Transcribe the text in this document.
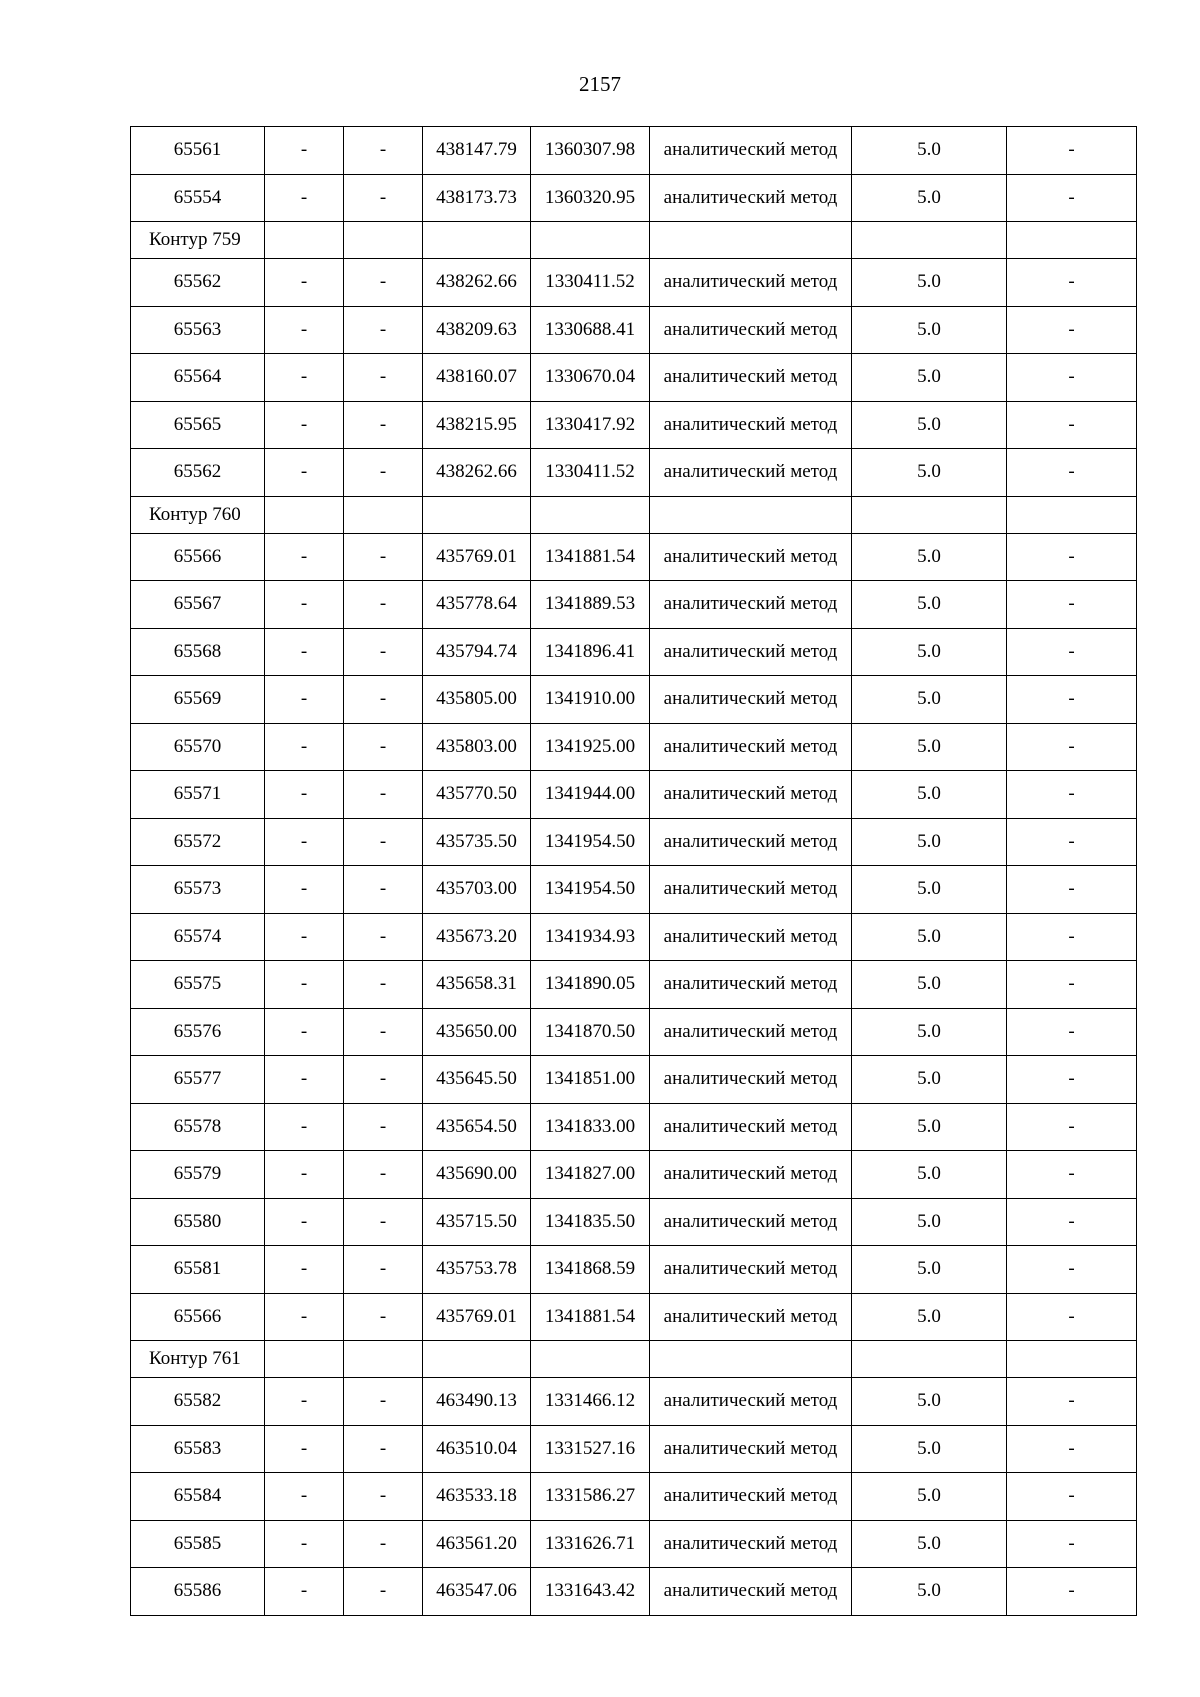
2157
65561	-	-	438147.79	1360307.98	аналитический метод	5.0	-
65554	-	-	438173.73	1360320.95	аналитический метод	5.0	-
Контур 759							
65562	-	-	438262.66	1330411.52	аналитический метод	5.0	-
65563	-	-	438209.63	1330688.41	аналитический метод	5.0	-
65564	-	-	438160.07	1330670.04	аналитический метод	5.0	-
65565	-	-	438215.95	1330417.92	аналитический метод	5.0	-
65562	-	-	438262.66	1330411.52	аналитический метод	5.0	-
Контур 760							
65566	-	-	435769.01	1341881.54	аналитический метод	5.0	-
65567	-	-	435778.64	1341889.53	аналитический метод	5.0	-
65568	-	-	435794.74	1341896.41	аналитический метод	5.0	-
65569	-	-	435805.00	1341910.00	аналитический метод	5.0	-
65570	-	-	435803.00	1341925.00	аналитический метод	5.0	-
65571	-	-	435770.50	1341944.00	аналитический метод	5.0	-
65572	-	-	435735.50	1341954.50	аналитический метод	5.0	-
65573	-	-	435703.00	1341954.50	аналитический метод	5.0	-
65574	-	-	435673.20	1341934.93	аналитический метод	5.0	-
65575	-	-	435658.31	1341890.05	аналитический метод	5.0	-
65576	-	-	435650.00	1341870.50	аналитический метод	5.0	-
65577	-	-	435645.50	1341851.00	аналитический метод	5.0	-
65578	-	-	435654.50	1341833.00	аналитический метод	5.0	-
65579	-	-	435690.00	1341827.00	аналитический метод	5.0	-
65580	-	-	435715.50	1341835.50	аналитический метод	5.0	-
65581	-	-	435753.78	1341868.59	аналитический метод	5.0	-
65566	-	-	435769.01	1341881.54	аналитический метод	5.0	-
Контур 761							
65582	-	-	463490.13	1331466.12	аналитический метод	5.0	-
65583	-	-	463510.04	1331527.16	аналитический метод	5.0	-
65584	-	-	463533.18	1331586.27	аналитический метод	5.0	-
65585	-	-	463561.20	1331626.71	аналитический метод	5.0	-
65586	-	-	463547.06	1331643.42	аналитический метод	5.0	-
